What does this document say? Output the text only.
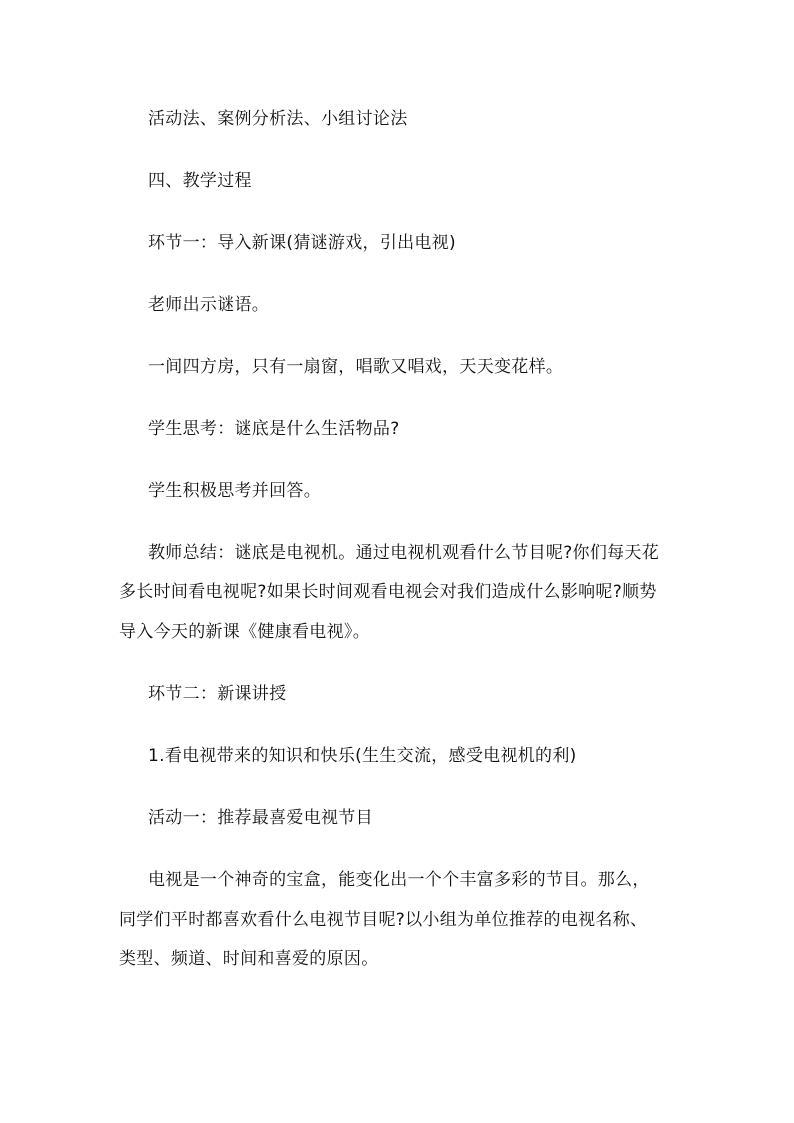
活动法、案例分析法、小组讨论法
四、教学过程
环节一：导入新课(猜谜游戏，引出电视)
老师出示谜语。
一间四方房，只有一扇窗，唱歌又唱戏，天天变花样。
学生思考：谜底是什么生活物品?
学生积极思考并回答。
教师总结：谜底是电视机。通过电视机观看什么节目呢?你们每天花
多长时间看电视呢?如果长时间观看电视会对我们造成什么影响呢?顺势
导入今天的新课《健康看电视》。
环节二：新课讲授
1.看电视带来的知识和快乐(生生交流，感受电视机的利)
活动一：推荐最喜爱电视节目
电视是一个神奇的宝盒，能变化出一个个丰富多彩的节目。那么，
同学们平时都喜欢看什么电视节目呢?以小组为单位推荐的电视名称、
类型、频道、时间和喜爱的原因。
